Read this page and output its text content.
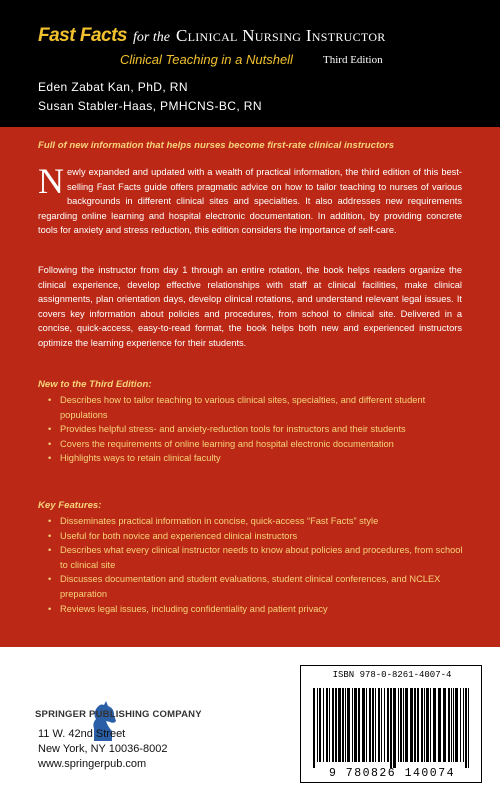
Fast Facts for the Clinical Nursing Instructor
Clinical Teaching in a Nutshell	Third Edition
Eden Zabat Kan, PhD, RN
Susan Stabler-Haas, PMHCNS-BC, RN
Full of new information that helps nurses become first-rate clinical instructors

Newly expanded and updated with a wealth of practical information, the third edition of this best-selling Fast Facts guide offers pragmatic advice on how to tailor teaching to nurses of various backgrounds in different clinical sites and specialties. It also addresses new requirements regarding online learning and hospital electronic documentation. In addition, by providing concrete tools for anxiety and stress reduction, this edition considers the importance of self-care.

Following the instructor from day 1 through an entire rotation, the book helps readers organize the clinical experience, develop effective relationships with staff at clinical facilities, make clinical assignments, plan orientation days, develop clinical rotations, and understand relevant legal issues. It covers key information about policies and procedures, from school to clinical site. Delivered in a concise, quick-access, easy-to-read format, the book helps both new and experienced instructors optimize the learning experience for their students.

New to the Third Edition:
• Describes how to tailor teaching to various clinical sites, specialties, and different student populations
• Provides helpful stress- and anxiety-reduction tools for instructors and their students
• Covers the requirements of online learning and hospital electronic documentation
• Highlights ways to retain clinical faculty
Key Features:
• Disseminates practical information in concise, quick-access “Fast Facts” style
• Useful for both novice and experienced clinical instructors
• Describes what every clinical instructor needs to know about policies and procedures, from school to clinical site
• Discusses documentation and student evaluations, student clinical conferences, and NCLEX preparation
• Reviews legal issues, including confidentiality and patient privacy
SPRINGER PUBLISHING COMPANY
11 W. 42nd Street
New York, NY 10036-8002
www.springerpub.com
ISBN 978-0-8261-4007-4
9 780826 140074
